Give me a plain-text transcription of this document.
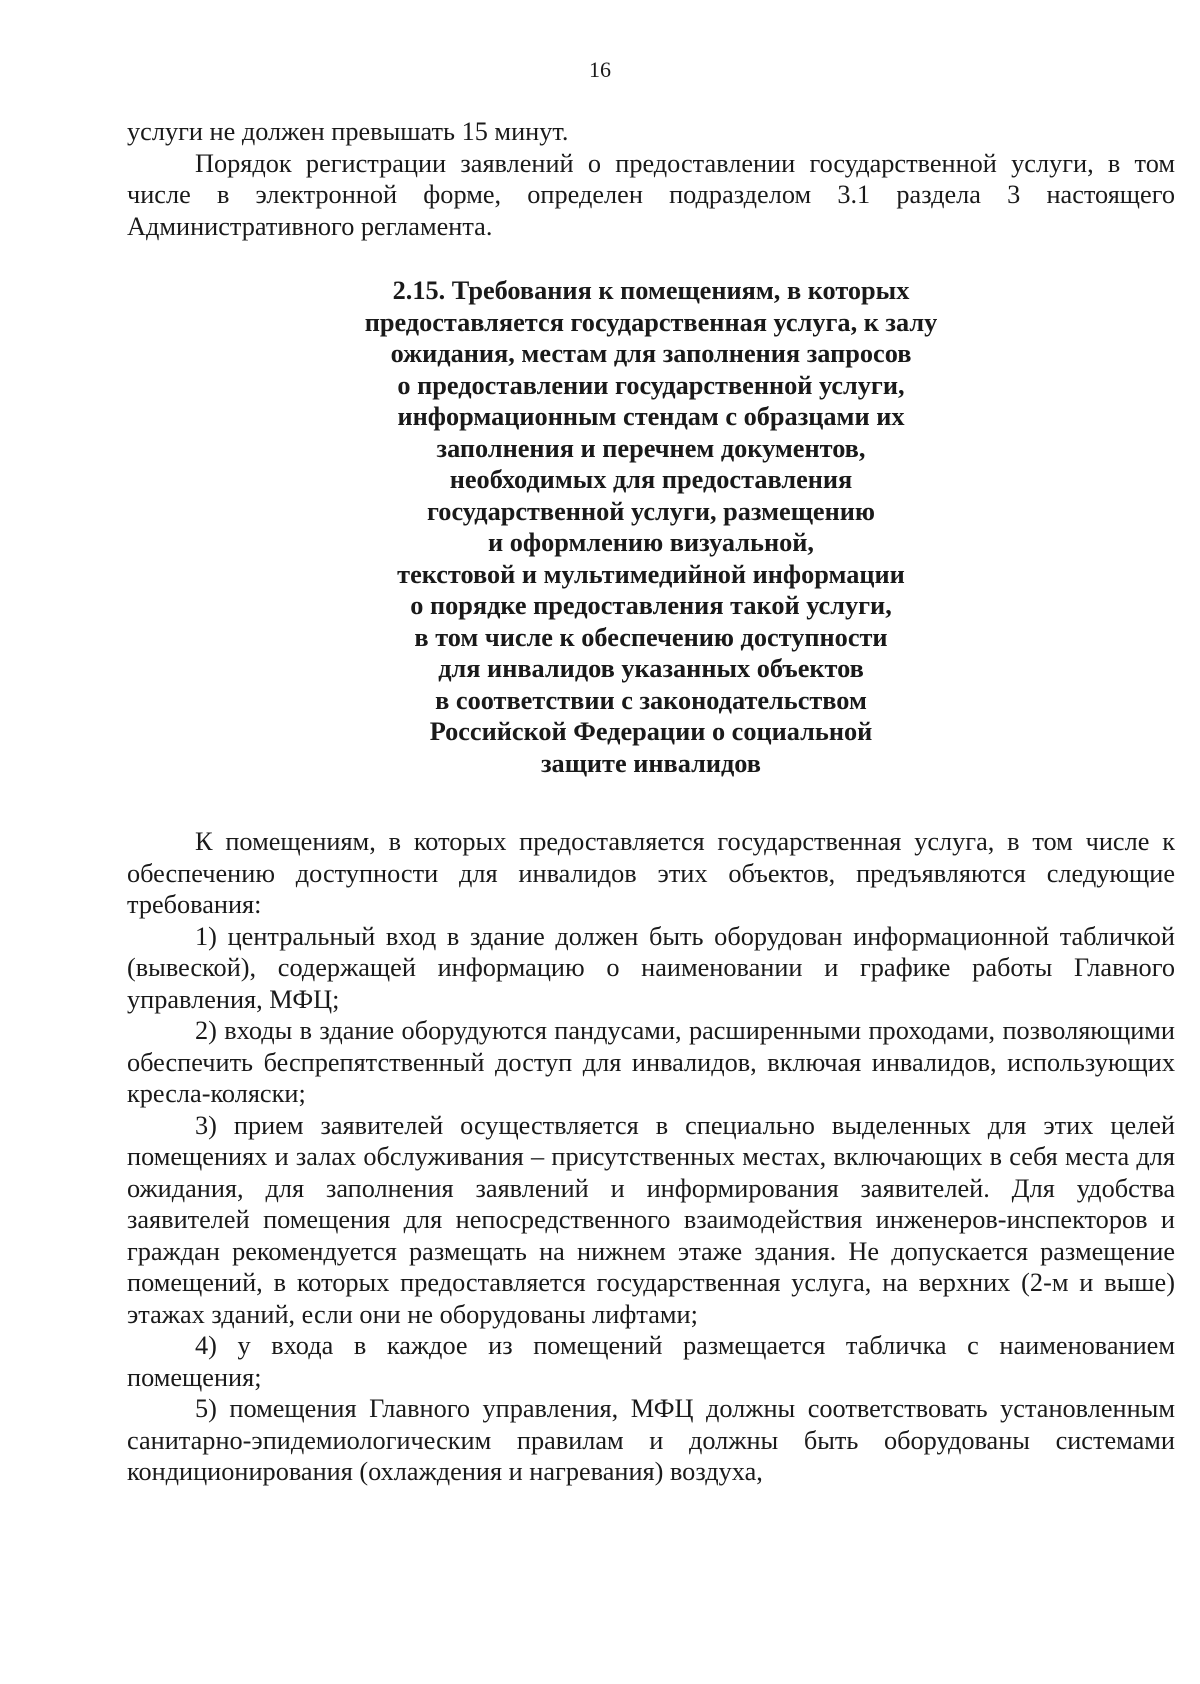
16

услуги не должен превышать 15 минут.

Порядок регистрации заявлений о предоставлении государственной услуги, в том числе в электронной форме, определен подразделом 3.1 раздела 3 настоящего Административного регламента.

2.15. Требования к помещениям, в которых
предоставляется государственная услуга, к залу
ожидания, местам для заполнения запросов
о предоставлении государственной услуги,
информационным стендам с образцами их
заполнения и перечнем документов,
необходимых для предоставления
государственной услуги, размещению
и оформлению визуальной,
текстовой и мультимедийной информации
о порядке предоставления такой услуги,
в том числе к обеспечению доступности
для инвалидов указанных объектов
в соответствии с законодательством
Российской Федерации о социальной
защите инвалидов

К помещениям, в которых предоставляется государственная услуга, в том числе к обеспечению доступности для инвалидов этих объектов, предъявляются следующие требования:

1) центральный вход в здание должен быть оборудован информационной табличкой (вывеской), содержащей информацию о наименовании и графике работы Главного управления, МФЦ;

2) входы в здание оборудуются пандусами, расширенными проходами, позволяющими обеспечить беспрепятственный доступ для инвалидов, включая инвалидов, использующих кресла-коляски;

3) прием заявителей осуществляется в специально выделенных для этих целей помещениях и залах обслуживания – присутственных местах, включающих в себя места для ожидания, для заполнения заявлений и информирования заявителей. Для удобства заявителей помещения для непосредственного взаимодействия инженеров-инспекторов и граждан рекомендуется размещать на нижнем этаже здания. Не допускается размещение помещений, в которых предоставляется государственная услуга, на верхних (2-м и выше) этажах зданий, если они не оборудованы лифтами;

4) у входа в каждое из помещений размещается табличка с наименованием помещения;

5) помещения Главного управления, МФЦ должны соответствовать установленным санитарно-эпидемиологическим правилам и должны быть оборудованы системами кондиционирования (охлаждения и нагревания) воздуха,
